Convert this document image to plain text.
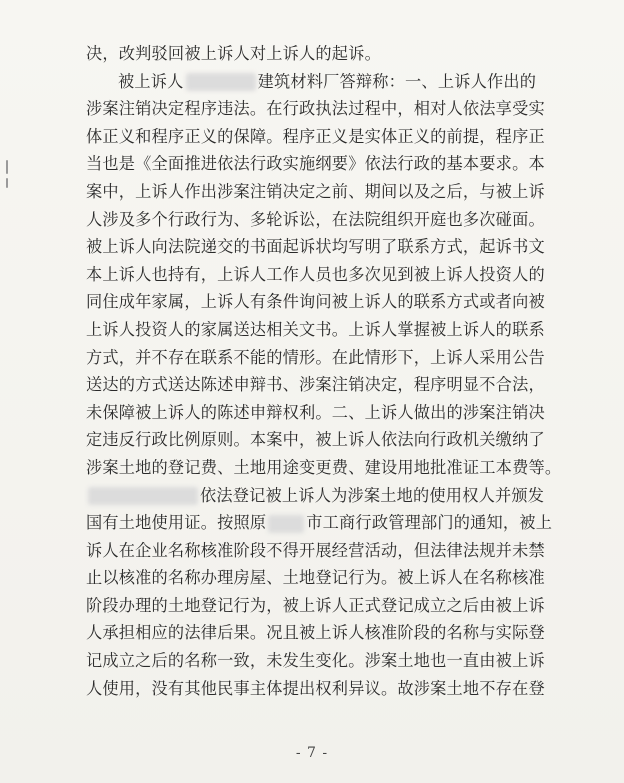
决，改判驳回被上诉人对上诉人的起诉。
被上诉人	建筑材料厂答辩称：一、上诉人作出的
涉案注销决定程序违法。在行政执法过程中，相对人依法享受实
体正义和程序正义的保障。程序正义是实体正义的前提，程序正
当也是《全面推进依法行政实施纲要》依法行政的基本要求。本
案中，上诉人作出涉案注销决定之前、期间以及之后，与被上诉
人涉及多个行政行为、多轮诉讼，在法院组织开庭也多次碰面。
被上诉人向法院递交的书面起诉状均写明了联系方式，起诉书文
本上诉人也持有，上诉人工作人员也多次见到被上诉人投资人的
同住成年家属，上诉人有条件询问被上诉人的联系方式或者向被
上诉人投资人的家属送达相关文书。上诉人掌握被上诉人的联系
方式，并不存在联系不能的情形。在此情形下，上诉人采用公告
送达的方式送达陈述申辩书、涉案注销决定，程序明显不合法，
未保障被上诉人的陈述申辩权利。二、上诉人做出的涉案注销决
定违反行政比例原则。本案中，被上诉人依法向行政机关缴纳了
涉案土地的登记费、土地用途变更费、建设用地批准证工本费等。
依法登记被上诉人为涉案土地的使用权人并颁发
国有土地使用证。按照原 市工商行政管理部门的通知，被上
诉人在企业名称核准阶段不得开展经营活动，但法律法规并未禁
止以核准的名称办理房屋、土地登记行为。被上诉人在名称核准
阶段办理的土地登记行为，被上诉人正式登记成立之后由被上诉
人承担相应的法律后果。况且被上诉人核准阶段的名称与实际登
记成立之后的名称一致，未发生变化。涉案土地也一直由被上诉
人使用，没有其他民事主体提出权利异议。故涉案土地不存在登
- 7 -
